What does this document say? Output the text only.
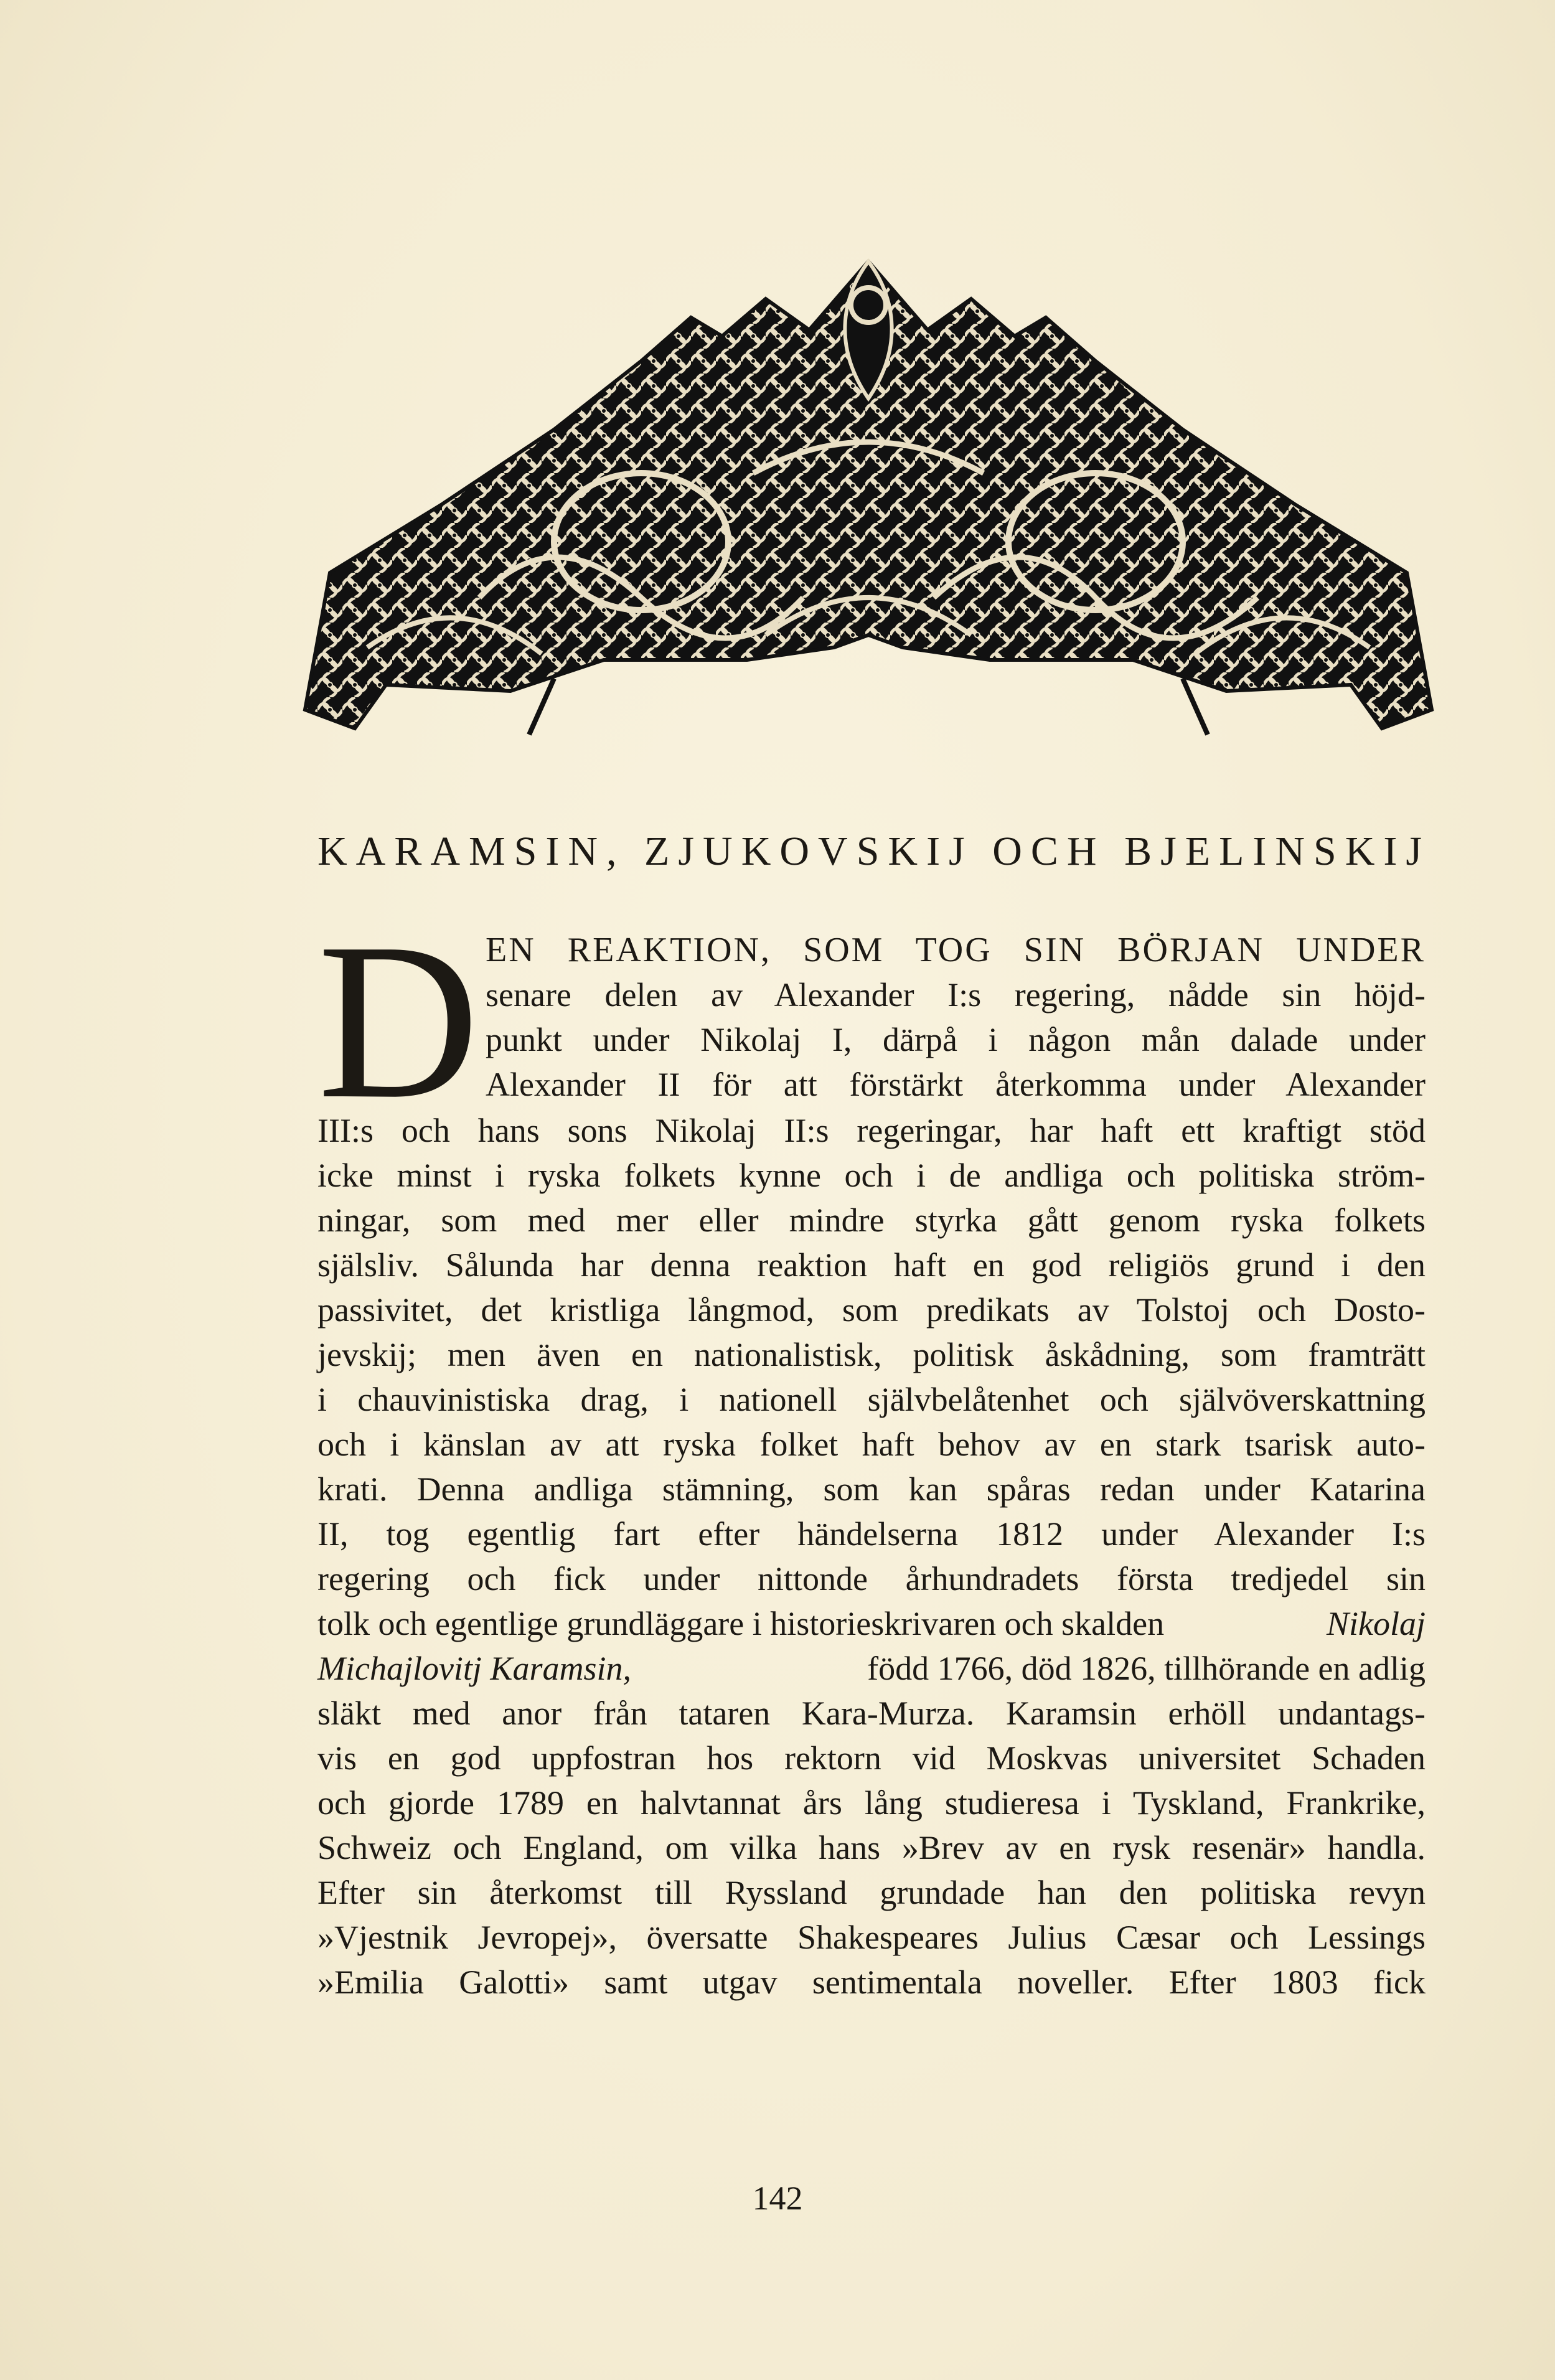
KARAMSIN, ZJUKOVSKIJ OCH BJELINSKIJ
D EN REAKTION, SOM TOG SIN BÖRJAN UNDER
senare delen av Alexander I:s regering, nådde sin höjd-
punkt under Nikolaj I, därpå i någon mån dalade under
Alexander II för att förstärkt återkomma under Alexander
III:s och hans sons Nikolaj II:s regeringar, har haft ett kraftigt stöd
icke minst i ryska folkets kynne och i de andliga och politiska ström-
ningar, som med mer eller mindre styrka gått genom ryska folkets
själsliv. Sålunda har denna reaktion haft en god religiös grund i den
passivitet, det kristliga långmod, som predikats av Tolstoj och Dosto-
jevskij; men även en nationalistisk, politisk åskådning, som framträtt
i chauvinistiska drag, i nationell självbelåtenhet och självöverskattning
och i känslan av att ryska folket haft behov av en stark tsarisk auto-
krati. Denna andliga stämning, som kan spåras redan under Katarina
II, tog egentlig fart efter händelserna 1812 under Alexander I:s
regering och fick under nittonde århundradets första tredjedel sin
tolk och egentlige grundläggare i historieskrivaren och skalden	Nikolaj
Michajlovitj Karamsin,	född 1766, död 1826, tillhörande en adlig
släkt med anor från tataren Kara-Murza. Karamsin erhöll undantags-
vis en god uppfostran hos rektorn vid Moskvas universitet Schaden
och gjorde 1789 en halvtannat års lång studieresa i Tyskland, Frankrike,
Schweiz och England, om vilka hans »Brev av en rysk resenär» handla.
Efter sin återkomst till Ryssland grundade han den politiska revyn
»Vjestnik Jevropej», översatte Shakespeares Julius Cæsar och Lessings
»Emilia Galotti» samt utgav sentimentala noveller. Efter 1803 fick
142
